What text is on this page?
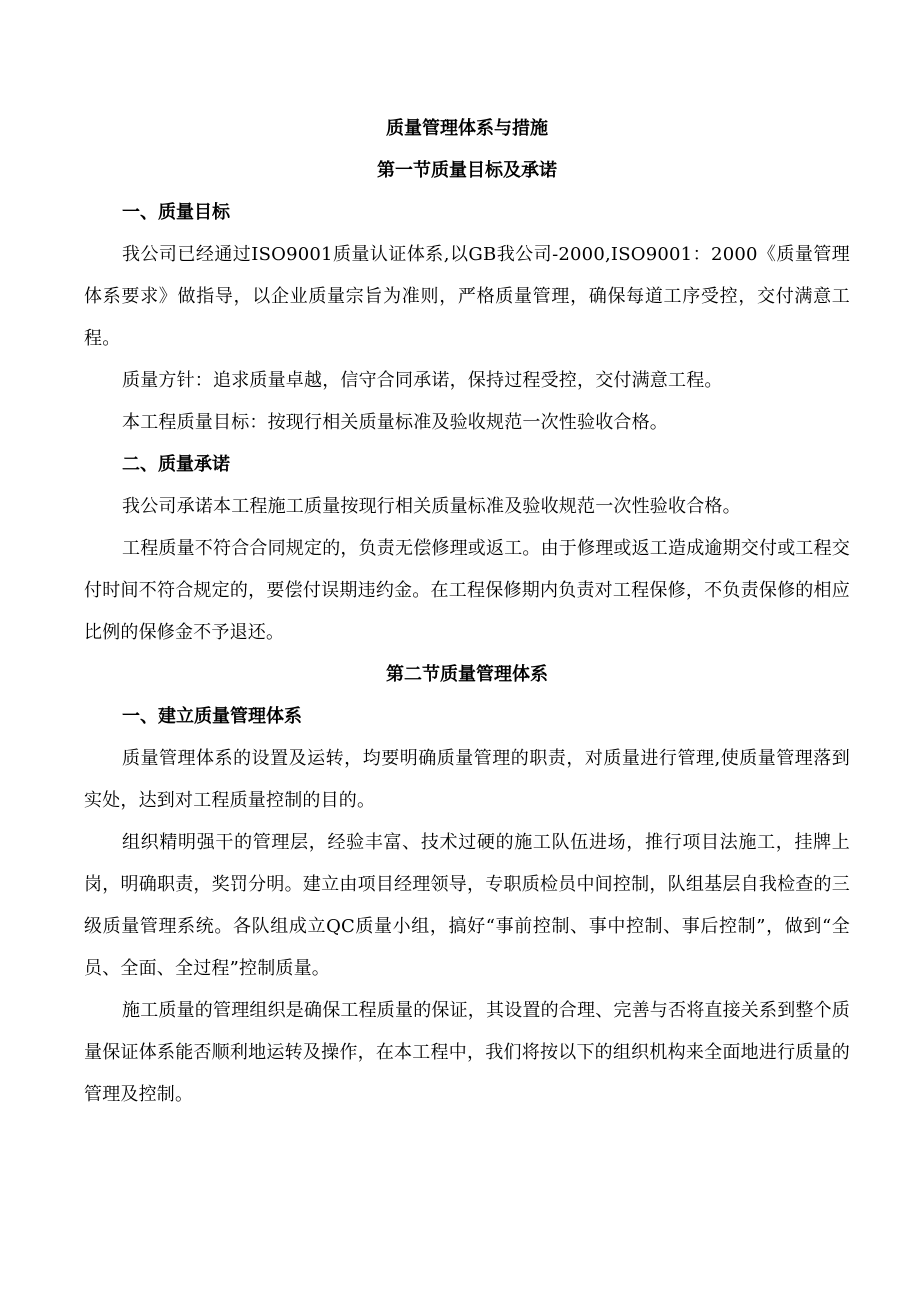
质量管理体系与措施
第一节质量目标及承诺
一、质量目标

我公司已经通过ISO9001质量认证体系,以GB我公司-2000,ISO9001：2000《质量管理体系要求》做指导，以企业质量宗旨为准则，严格质量管理，确保每道工序受控，交付满意工程。

质量方针：追求质量卓越，信守合同承诺，保持过程受控，交付满意工程。

本工程质量目标：按现行相关质量标准及验收规范一次性验收合格。

二、质量承诺

我公司承诺本工程施工质量按现行相关质量标准及验收规范一次性验收合格。

工程质量不符合合同规定的，负责无偿修理或返工。由于修理或返工造成逾期交付或工程交付时间不符合规定的，要偿付误期违约金。在工程保修期内负责对工程保修，不负责保修的相应比例的保修金不予退还。

第二节质量管理体系
一、建立质量管理体系

质量管理体系的设置及运转，均要明确质量管理的职责，对质量进行管理,使质量管理落到实处，达到对工程质量控制的目的。

组织精明强干的管理层，经验丰富、技术过硬的施工队伍进场，推行项目法施工，挂牌上岗，明确职责，奖罚分明。建立由项目经理领导，专职质检员中间控制，队组基层自我检查的三级质量管理系统。各队组成立QC质量小组，搞好“事前控制、事中控制、事后控制”，做到“全员、全面、全过程”控制质量。

施工质量的管理组织是确保工程质量的保证，其设置的合理、完善与否将直接关系到整个质量保证体系能否顺利地运转及操作，在本工程中，我们将按以下的组织机构来全面地进行质量的管理及控制。
